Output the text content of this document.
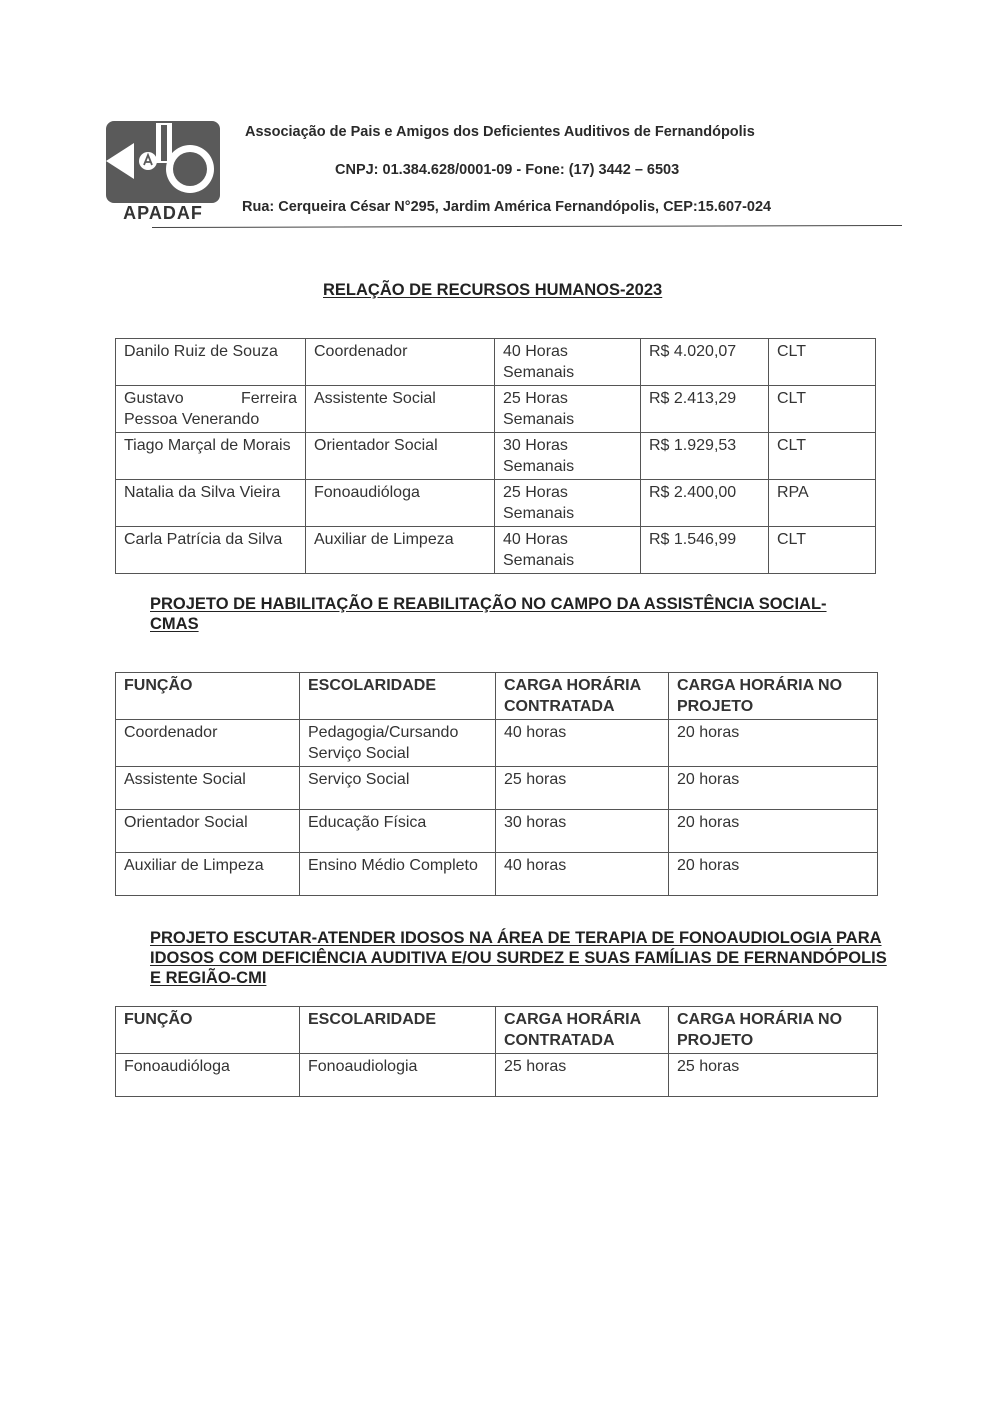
APADAF
Associação de Pais e Amigos dos Deficientes Auditivos de Fernandópolis
CNPJ: 01.384.628/0001-09 - Fone: (17) 3442 – 6503
Rua: Cerqueira César N°295, Jardim América Fernandópolis, CEP:15.607-024
RELAÇÃO DE RECURSOS HUMANOS-2023
Danilo Ruiz de Souza	Coordenador	40 Horas Semanais	R$ 4.020,07	CLT
Gustavo Ferreira Pessoa Venerando	Assistente Social	25 Horas Semanais	R$ 2.413,29	CLT
Tiago Marçal de Morais	Orientador Social	30 Horas Semanais	R$ 1.929,53	CLT
Natalia da Silva Vieira	Fonoaudióloga	25 Horas Semanais	R$ 2.400,00	RPA
Carla Patrícia da Silva	Auxiliar de Limpeza	40 Horas Semanais	R$ 1.546,99	CLT
PROJETO DE HABILITAÇÃO E REABILITAÇÃO NO CAMPO DA ASSISTÊNCIA SOCIAL- CMAS
FUNÇÃO	ESCOLARIDADE	CARGA HORÁRIA CONTRATADA	CARGA HORÁRIA NO PROJETO
Coordenador	Pedagogia/Cursando Serviço Social	40 horas	20 horas
Assistente Social	Serviço Social	25 horas	20 horas
Orientador Social	Educação Física	30 horas	20 horas
Auxiliar de Limpeza	Ensino Médio Completo	40 horas	20 horas
PROJETO ESCUTAR-ATENDER IDOSOS NA ÁREA DE TERAPIA DE FONOAUDIOLOGIA PARA IDOSOS COM DEFICIÊNCIA AUDITIVA E/OU SURDEZ E SUAS FAMÍLIAS DE FERNANDÓPOLIS E REGIÃO-CMI
FUNÇÃO	ESCOLARIDADE	CARGA HORÁRIA CONTRATADA	CARGA HORÁRIA NO PROJETO
Fonoaudióloga	Fonoaudiologia	25 horas	25 horas
